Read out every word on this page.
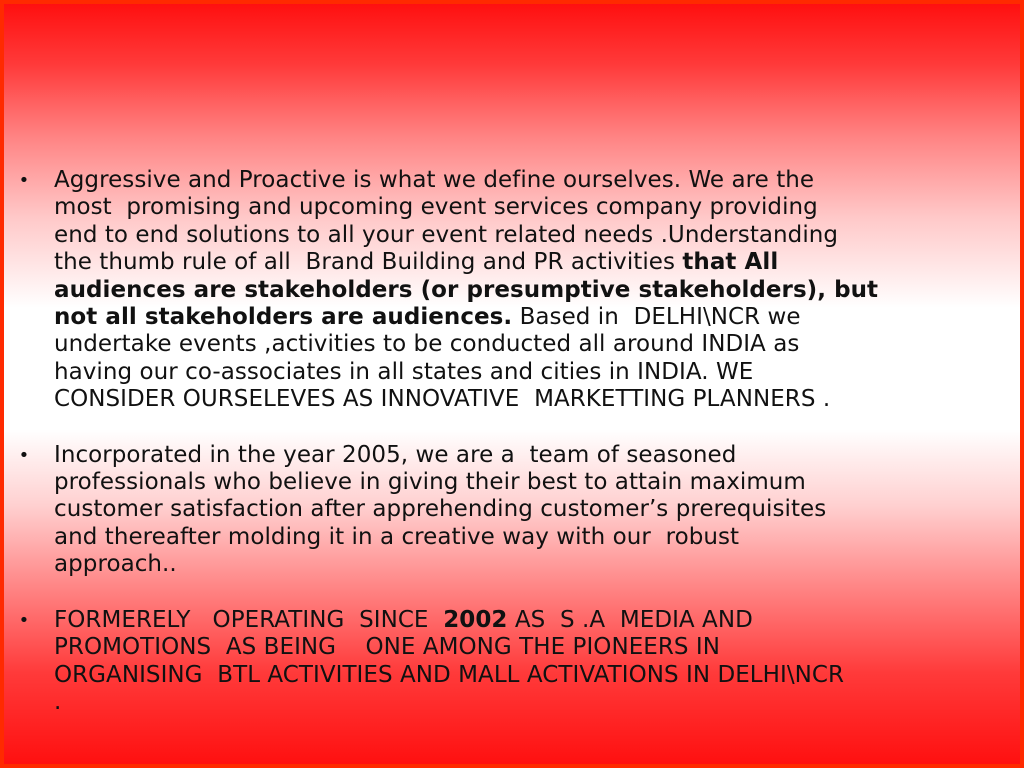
• Aggressive and Proactive is what we define ourselves. We are the
most  promising and upcoming event services company providing
end to end solutions to all your event related needs .Understanding
the thumb rule of all  Brand Building and PR activities that All
audiences are stakeholders (or presumptive stakeholders), but
not all stakeholders are audiences. Based in  DELHI\NCR we
undertake events ,activities to be conducted all around INDIA as
having our co-associates in all states and cities in INDIA. WE
CONSIDER OURSELEVES AS INNOVATIVE  MARKETTING PLANNERS .
• Incorporated in the year 2005, we are a  team of seasoned
professionals who believe in giving their best to attain maximum
customer satisfaction after apprehending customer’s prerequisites
and thereafter molding it in a creative way with our  robust
approach..
• FORMERELY   OPERATING  SINCE  2002 AS  S .A  MEDIA AND
PROMOTIONS  AS BEING    ONE AMONG THE PIONEERS IN
ORGANISING  BTL ACTIVITIES AND MALL ACTIVATIONS IN DELHI\NCR
.
